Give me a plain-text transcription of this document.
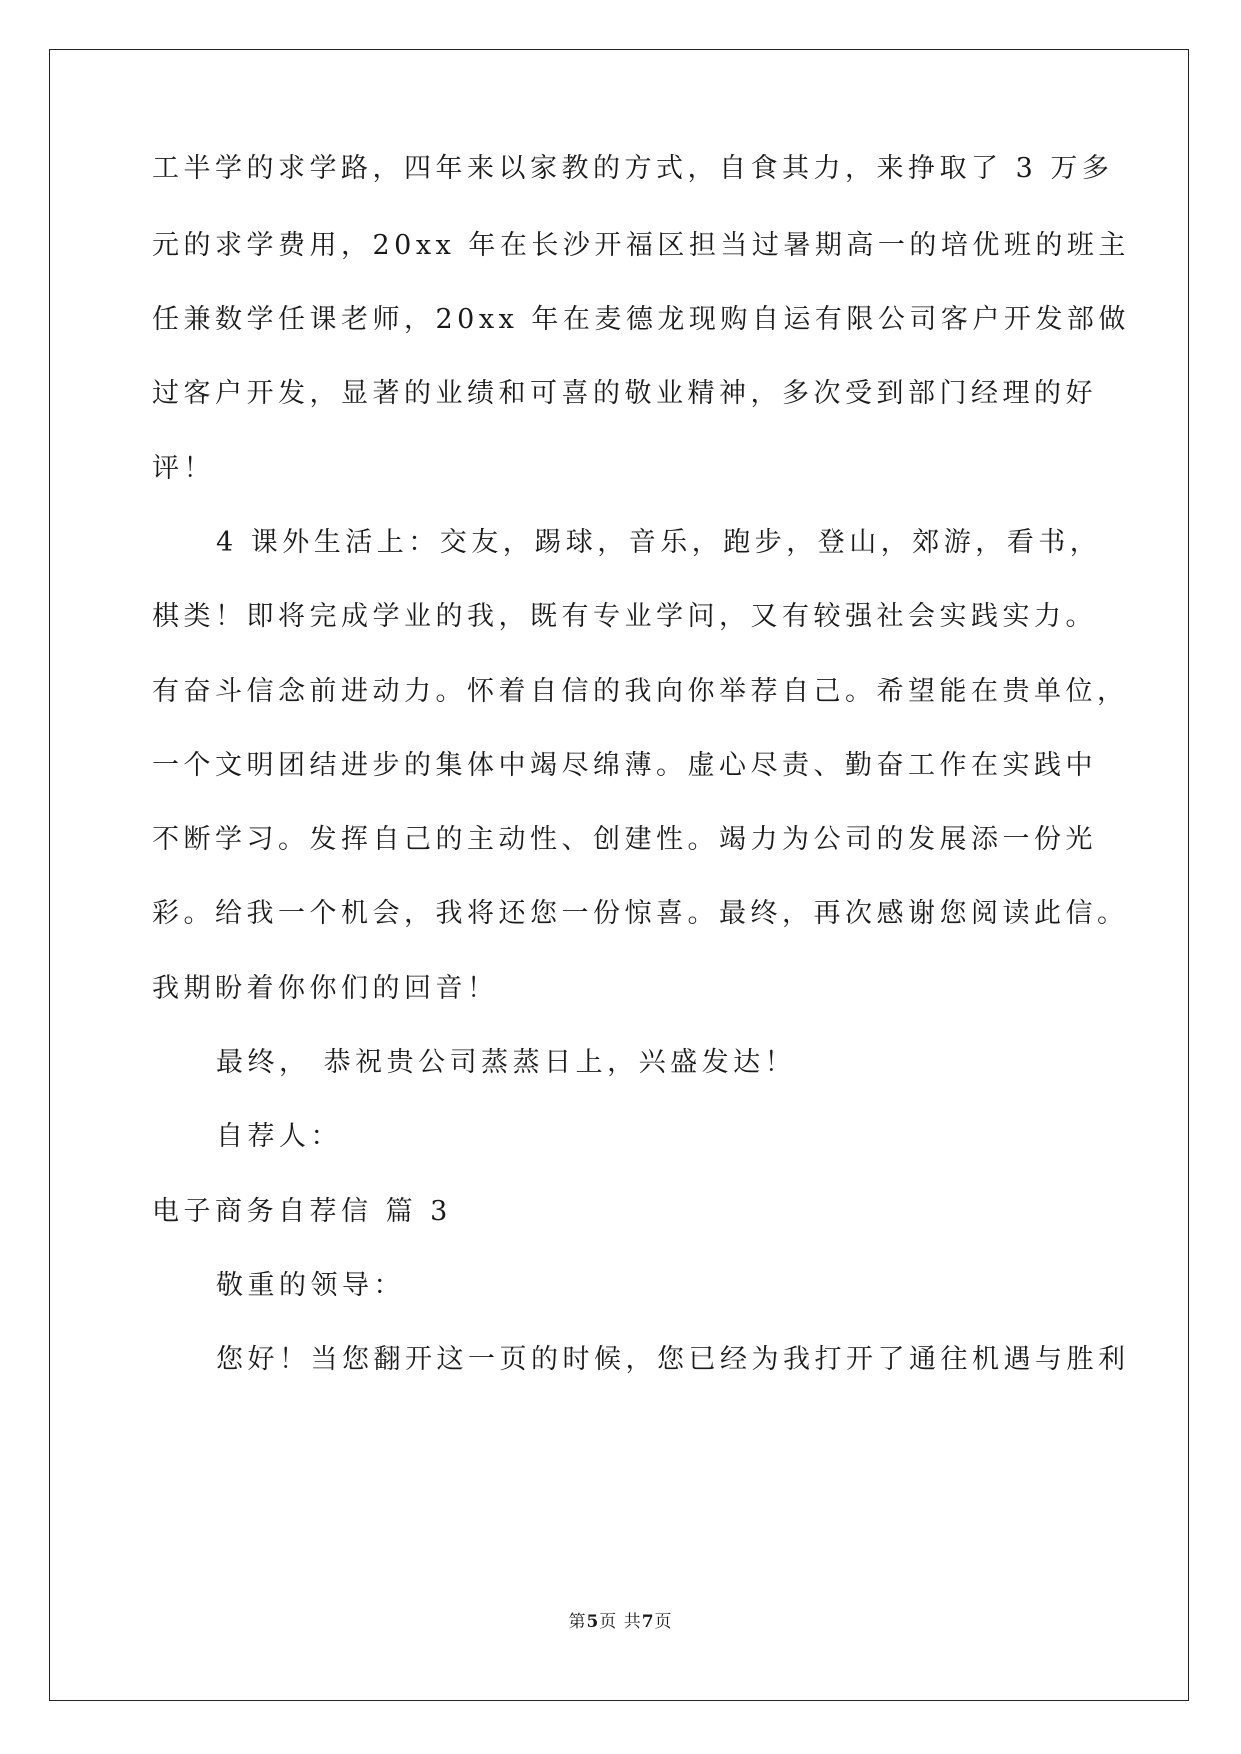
工半学的求学路，四年来以家教的方式，自食其力，来挣取了 3 万多
元的求学费用，20xx 年在长沙开福区担当过暑期高一的培优班的班主
任兼数学任课老师，20xx 年在麦德龙现购自运有限公司客户开发部做
过客户开发，显著的业绩和可喜的敬业精神，多次受到部门经理的好
评！
4 课外生活上：交友，踢球，音乐，跑步，登山，郊游，看书，
棋类！即将完成学业的我，既有专业学问，又有较强社会实践实力。
有奋斗信念前进动力。怀着自信的我向你举荐自己。希望能在贵单位，
一个文明团结进步的集体中竭尽绵薄。虚心尽责、勤奋工作在实践中
不断学习。发挥自己的主动性、创建性。竭力为公司的发展添一份光
彩。给我一个机会，我将还您一份惊喜。最终，再次感谢您阅读此信。
我期盼着你你们的回音！
最终， 恭祝贵公司蒸蒸日上，兴盛发达！
自荐人：
电子商务自荐信 篇 3
敬重的领导：
您好！当您翻开这一页的时候，您已经为我打开了通往机遇与胜利
第5页 共7页
